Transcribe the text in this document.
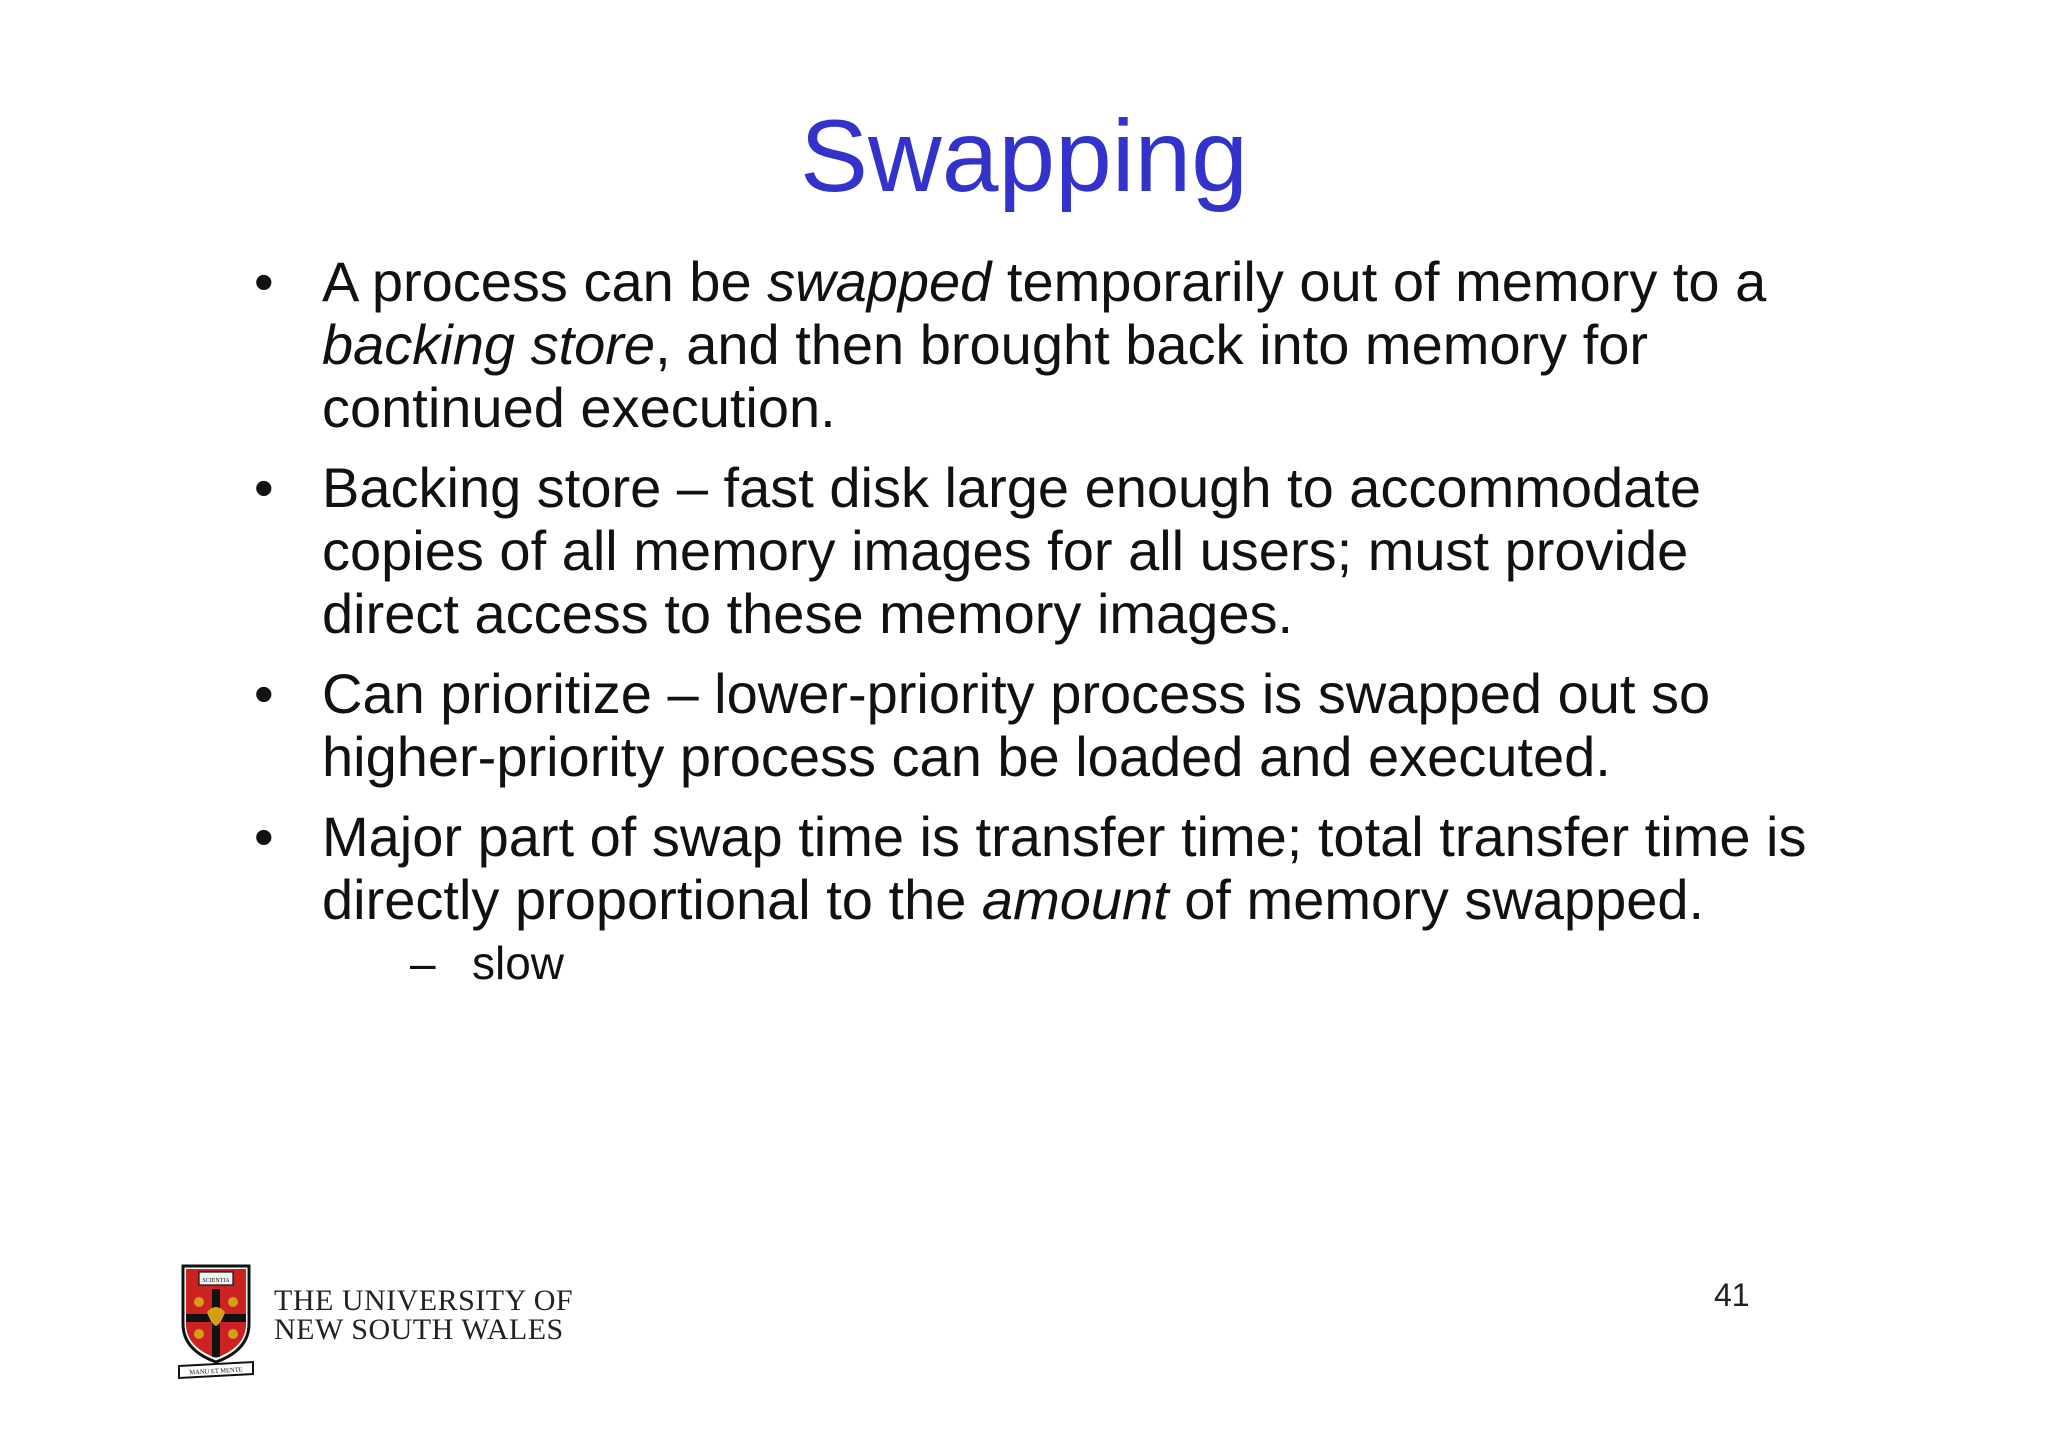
Swapping
• A process can be swapped temporarily out of memory to a backing store, and then brought back into memory for continued execution.
• Backing store – fast disk large enough to accommodate copies of all memory images for all users; must provide direct access to these memory images.
• Can prioritize – lower-priority process is swapped out so higher-priority process can be loaded and executed.
• Major part of swap time is transfer time; total transfer time is directly proportional to the amount of memory swapped.
– slow
SCIENTIA
MANU ET MENTE
THE UNIVERSITY OF
NEW SOUTH WALES
41
